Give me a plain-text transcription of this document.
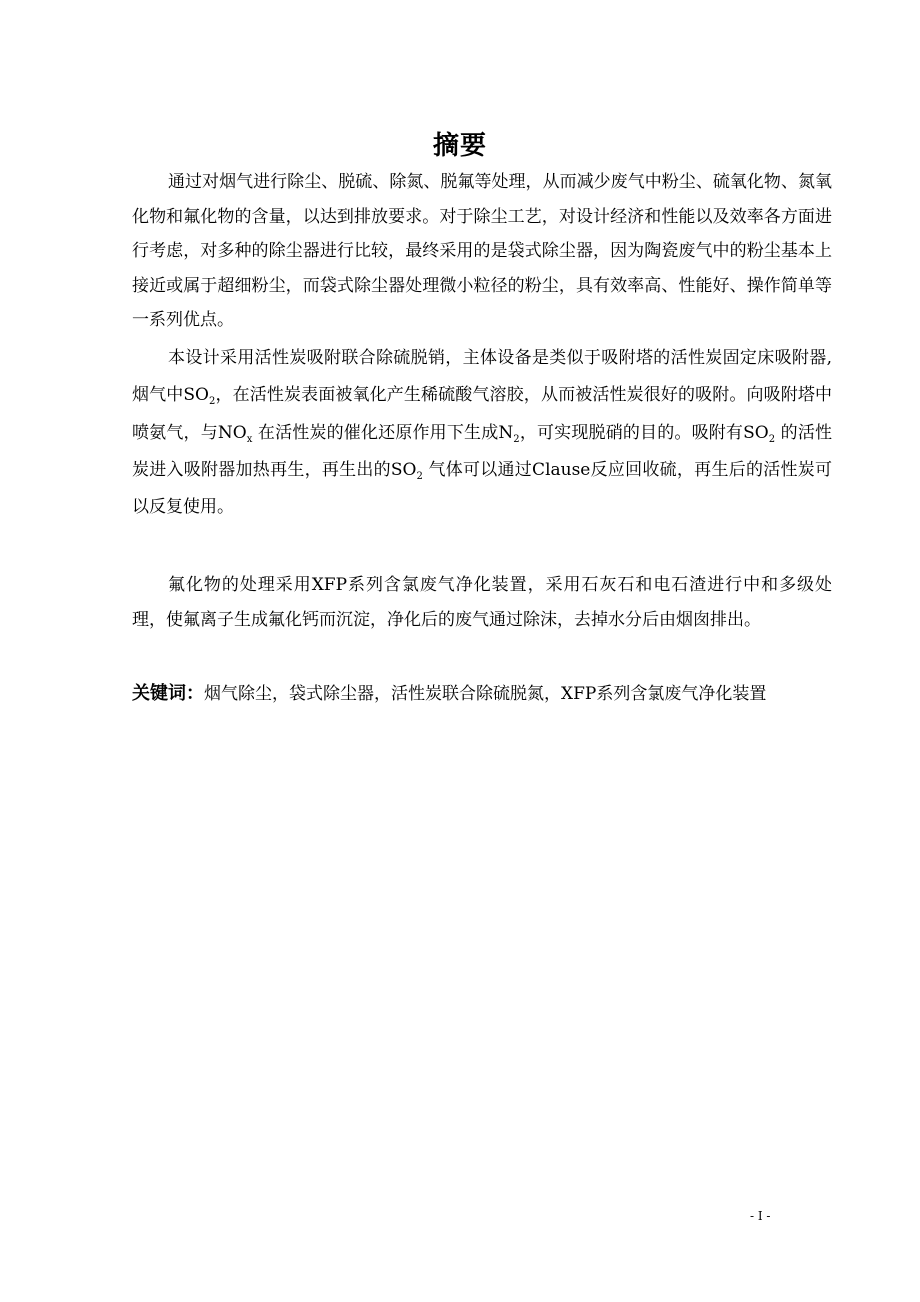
摘要

通过对烟气进行除尘、脱硫、除氮、脱氟等处理，从而减少废气中粉尘、硫氧化物、氮氧化物和氟化物的含量，以达到排放要求。对于除尘工艺，对设计经济和性能以及效率各方面进行考虑，对多种的除尘器进行比较，最终采用的是袋式除尘器，因为陶瓷废气中的粉尘基本上接近或属于超细粉尘，而袋式除尘器处理微小粒径的粉尘，具有效率高、性能好、操作简单等一系列优点。

本设计采用活性炭吸附联合除硫脱销，主体设备是类似于吸附塔的活性炭固定床吸附器, 烟气中$SO_2$，在活性炭表面被氧化产生稀硫酸气溶胶，从而被活性炭很好的吸附。向吸附塔中喷氨气，与$NO_x$ 在活性炭的催化还原作用下生成$N_2$，可实现脱硝的目的。吸附有$SO_2$ 的活性炭进入吸附器加热再生，再生出的$SO_2$ 气体可以通过Clause反应回收硫，再生后的活性炭可以反复使用。

氟化物的处理采用XFP系列含氯废气净化装置，采用石灰石和电石渣进行中和多级处理，使氟离子生成氟化钙而沉淀，净化后的废气通过除沫，去掉水分后由烟囱排出。

关键词：烟气除尘，袋式除尘器，活性炭联合除硫脱氮，XFP系列含氯废气净化装置
- I -
